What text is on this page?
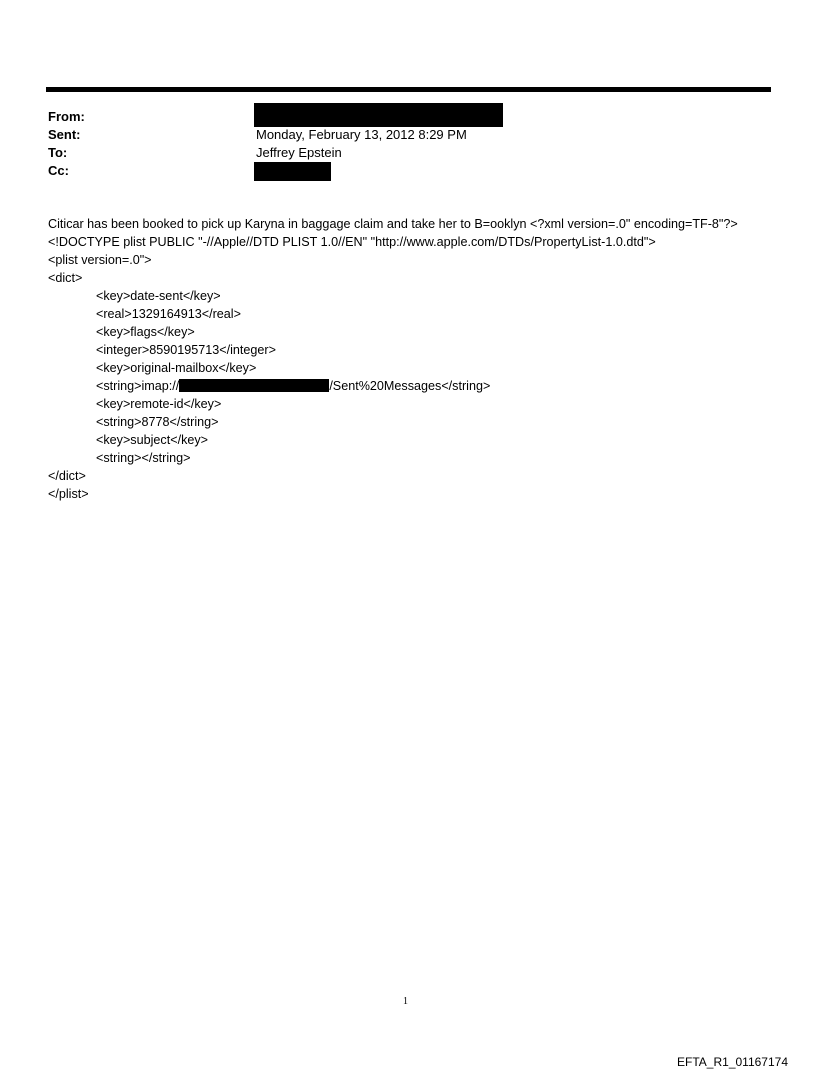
From:
Sent:	Monday, February 13, 2012 8:29 PM
To:	Jeffrey Epstein
Cc:
Citicar has been booked to pick up Karyna in baggage claim and take her to B=ooklyn <?xml version=.0" encoding=TF-8"?> <!DOCTYPE plist PUBLIC "-//Apple//DTD PLIST 1.0//EN" "http://www.apple.com/DTDs/PropertyList-1.0.dtd">
<plist version=.0">
<dict>
<key>date-sent</key>
<real>1329164913</real>
<key>flags</key>
<integer>8590195713</integer>
<key>original-mailbox</key>
<string>imap://	/Sent%20Messages</string>
<key>remote-id</key>
<string>8778</string>
<key>subject</key>
<string></string>
</dict>
</plist>
1
EFTA_R1_01167174
